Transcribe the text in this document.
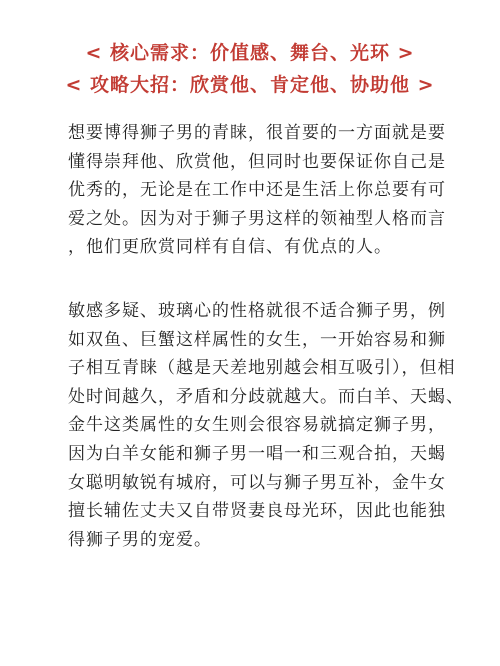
< 核心需求：价值感、舞台、光环 >
< 攻略大招：欣赏他、肯定他、协助他 >
想要博得狮子男的青睐，很首要的一方面就是要
懂得崇拜他、欣赏他，但同时也要保证你自己是
优秀的，无论是在工作中还是生活上你总要有可
爱之处。因为对于狮子男这样的领袖型人格而言
，他们更欣赏同样有自信、有优点的人。
敏感多疑、玻璃心的性格就很不适合狮子男，例
如双鱼、巨蟹这样属性的女生，一开始容易和狮
子相互青睐（越是天差地别越会相互吸引），但相
处时间越久，矛盾和分歧就越大。而白羊、天蝎、
金牛这类属性的女生则会很容易就搞定狮子男，
因为白羊女能和狮子男一唱一和三观合拍，天蝎
女聪明敏锐有城府，可以与狮子男互补，金牛女
擅长辅佐丈夫又自带贤妻良母光环，因此也能独
得狮子男的宠爱。
